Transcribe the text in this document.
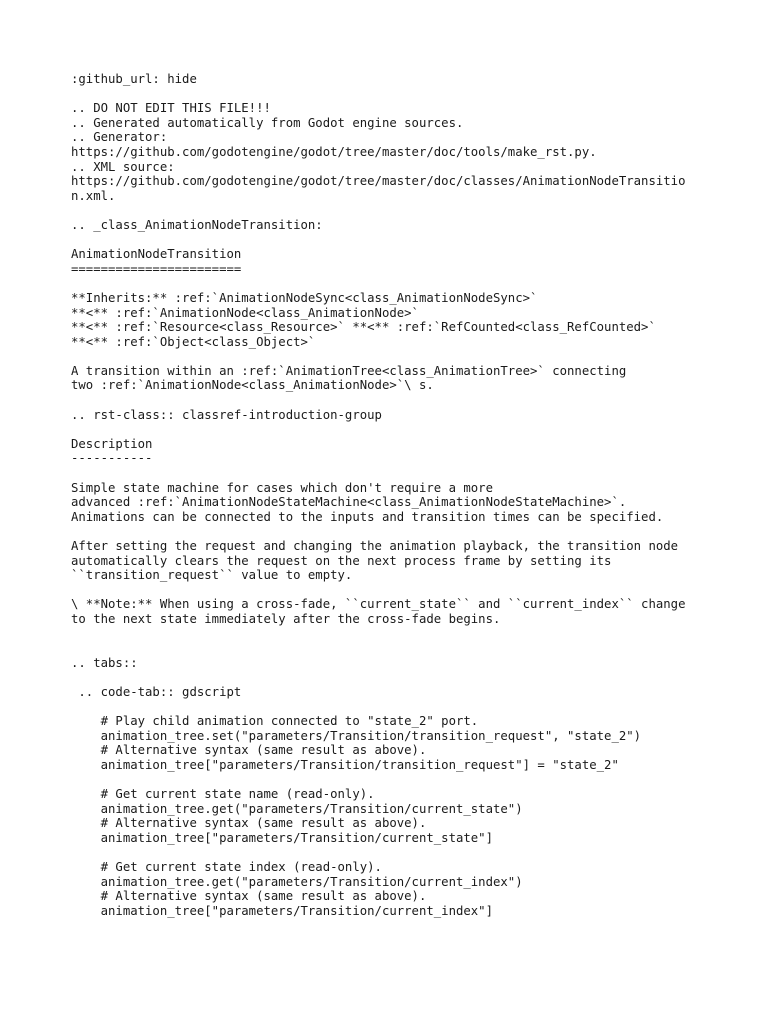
:github_url: hide
.. DO NOT EDIT THIS FILE!!!
.. Generated automatically from Godot engine sources.
.. Generator:
https://github.com/godotengine/godot/tree/master/doc/tools/make_rst.py.
.. XML source:
https://github.com/godotengine/godot/tree/master/doc/classes/AnimationNodeTransitio
n.xml.
.. _class_AnimationNodeTransition:
AnimationNodeTransition
=======================
**Inherits:** :ref:`AnimationNodeSync<class_AnimationNodeSync>`
**<** :ref:`AnimationNode<class_AnimationNode>`
**<** :ref:`Resource<class_Resource>` **<** :ref:`RefCounted<class_RefCounted>`
**<** :ref:`Object<class_Object>`
A transition within an :ref:`AnimationTree<class_AnimationTree>` connecting
two :ref:`AnimationNode<class_AnimationNode>`\ s.
.. rst-class:: classref-introduction-group
Description
-----------
Simple state machine for cases which don't require a more
advanced :ref:`AnimationNodeStateMachine<class_AnimationNodeStateMachine>`.
Animations can be connected to the inputs and transition times can be specified.
After setting the request and changing the animation playback, the transition node
automatically clears the request on the next process frame by setting its
``transition_request`` value to empty.
\ **Note:** When using a cross-fade, ``current_state`` and ``current_index`` change
to the next state immediately after the cross-fade begins.
.. tabs::
.. code-tab:: gdscript
# Play child animation connected to "state_2" port.
animation_tree.set("parameters/Transition/transition_request", "state_2")
# Alternative syntax (same result as above).
animation_tree["parameters/Transition/transition_request"] = "state_2"
# Get current state name (read-only).
animation_tree.get("parameters/Transition/current_state")
# Alternative syntax (same result as above).
animation_tree["parameters/Transition/current_state"]
# Get current state index (read-only).
animation_tree.get("parameters/Transition/current_index")
# Alternative syntax (same result as above).
animation_tree["parameters/Transition/current_index"]
